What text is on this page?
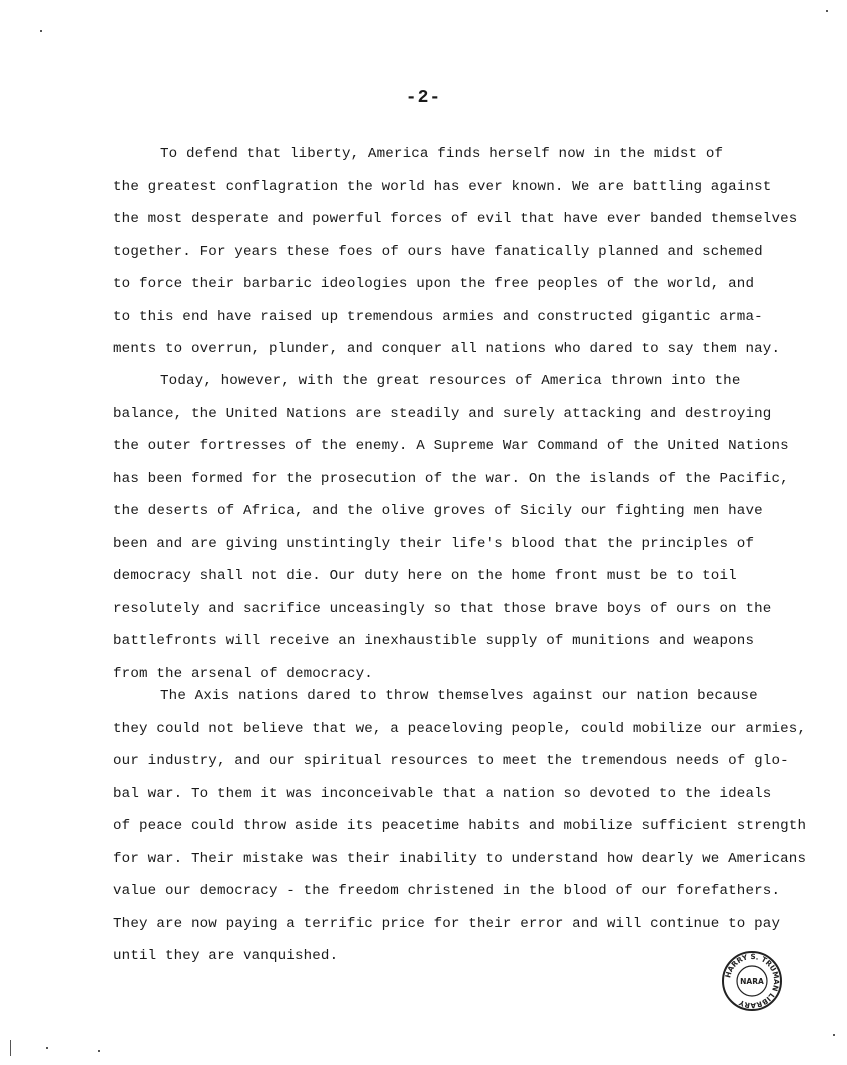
-2-
To defend that liberty, America finds herself now in the midst of
the greatest conflagration the world has ever known. We are battling against
the most desperate and powerful forces of evil that have ever banded themselves
together. For years these foes of ours have fanatically planned and schemed
to force their barbaric ideologies upon the free peoples of the world, and
to this end have raised up tremendous armies and constructed gigantic arma-
ments to overrun, plunder, and conquer all nations who dared to say them nay.
Today, however, with the great resources of America thrown into the
balance, the United Nations are steadily and surely attacking and destroying
the outer fortresses of the enemy. A Supreme War Command of the United Nations
has been formed for the prosecution of the war. On the islands of the Pacific,
the deserts of Africa, and the olive groves of Sicily our fighting men have
been and are giving unstintingly their life's blood that the principles of
democracy shall not die. Our duty here on the home front must be to toil
resolutely and sacrifice unceasingly so that those brave boys of ours on the
battlefronts will receive an inexhaustible supply of munitions and weapons
from the arsenal of democracy.
The Axis nations dared to throw themselves against our nation because
they could not believe that we, a peaceloving people, could mobilize our armies,
our industry, and our spiritual resources to meet the tremendous needs of glo-
bal war. To them it was inconceivable that a nation so devoted to the ideals
of peace could throw aside its peacetime habits and mobilize sufficient strength
for war. Their mistake was their inability to understand how dearly we Americans
value our democracy - the freedom christened in the blood of our forefathers.
They are now paying a terrific price for their error and will continue to pay
until they are vanquished.
HARRY S. TRUMAN LIBRARY
NARA
